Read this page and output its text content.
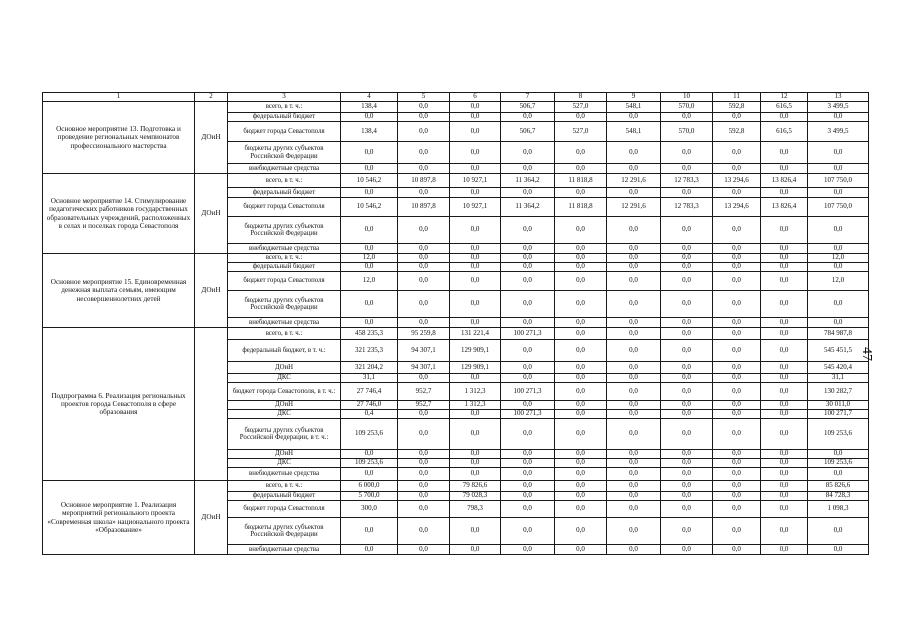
1	2	3	4	5	6	7	8	9	10	11	12	13
Основное мероприятие 13. Подготовка и проведение региональных чемпионатов профессионального мастерства	ДОиН	всего, в т. ч.:	138,4	0,0	0,0	506,7	527,0	548,1	570,0	592,8	616,5	3 499,5
		федеральный бюджет	0,0	0,0	0,0	0,0	0,0	0,0	0,0	0,0	0,0	0,0
		бюджет города Севастополя	138,4	0,0	0,0	506,7	527,0	548,1	570,0	592,8	616,5	3 499,5
		бюджеты других субъектов Российской Федерации	0,0	0,0	0,0	0,0	0,0	0,0	0,0	0,0	0,0	0,0
		внебюджетные средства	0,0	0,0	0,0	0,0	0,0	0,0	0,0	0,0	0,0	0,0
Основное мероприятие 14. Стимулирование педагогических работников государственных образовательных учреждений, расположенных в селах и поселках города Севастополя	ДОиН	всего, в т. ч.:	10 546,2	10 897,8	10 927,1	11 364,2	11 818,8	12 291,6	12 783,3	13 294,6	13 826,4	107 750,0
		федеральный бюджет	0,0	0,0	0,0	0,0	0,0	0,0	0,0	0,0	0,0	0,0
		бюджет города Севастополя	10 546,2	10 897,8	10 927,1	11 364,2	11 818,8	12 291,6	12 783,3	13 294,6	13 826,4	107 750,0
		бюджеты других субъектов Российской Федерации	0,0	0,0	0,0	0,0	0,0	0,0	0,0	0,0	0,0	0,0
		внебюджетные средства	0,0	0,0	0,0	0,0	0,0	0,0	0,0	0,0	0,0	0,0
Основное мероприятие 15. Единовременная денежная выплата семьям, имеющим несовершеннолетних детей	ДОиН	всего, в т. ч.:	12,0	0,0	0,0	0,0	0,0	0,0	0,0	0,0	0,0	12,0
		федеральный бюджет	0,0	0,0	0,0	0,0	0,0	0,0	0,0	0,0	0,0	0,0
		бюджет города Севастополя	12,0	0,0	0,0	0,0	0,0	0,0	0,0	0,0	0,0	12,0
		бюджеты других субъектов Российской Федерации	0,0	0,0	0,0	0,0	0,0	0,0	0,0	0,0	0,0	0,0
		внебюджетные средства	0,0	0,0	0,0	0,0	0,0	0,0	0,0	0,0	0,0	0,0
Подпрограмма 6. Реализация региональных проектов города Севастополя в сфере образования		всего, в т. ч.:	458 235,3	95 259,8	131 221,4	100 271,3	0,0	0,0	0,0	0,0	0,0	784 987,8
		федеральный бюджет, в т. ч.:	321 235,3	94 307,1	129 909,1	0,0	0,0	0,0	0,0	0,0	0,0	545 451,5
		ДОиН	321 204,2	94 307,1	129 909,1	0,0	0,0	0,0	0,0	0,0	0,0	545 420,4
		ДКС	31,1	0,0	0,0	0,0	0,0	0,0	0,0	0,0	0,0	31,1
		бюджет города Севастополя, в т. ч.:	27 746,4	952,7	1 312,3	100 271,3	0,0	0,0	0,0	0,0	0,0	130 282,7
		ДОиН	27 746,0	952,7	1 312,3	0,0	0,0	0,0	0,0	0,0	0,0	30 011,0
		ДКС	0,4	0,0	0,0	100 271,3	0,0	0,0	0,0	0,0	0,0	100 271,7
		бюджеты других субъектов Российской Федерации, в т. ч.:	109 253,6	0,0	0,0	0,0	0,0	0,0	0,0	0,0	0,0	109 253,6
		ДОиН	0,0	0,0	0,0	0,0	0,0	0,0	0,0	0,0	0,0	0,0
		ДКС	109 253,6	0,0	0,0	0,0	0,0	0,0	0,0	0,0	0,0	109 253,6
		внебюджетные средства	0,0	0,0	0,0	0,0	0,0	0,0	0,0	0,0	0,0	0,0
Основное мероприятие 1. Реализация мероприятий регионального проекта «Современная школа» национального проекта «Образование»	ДОиН	всего, в т. ч.:	6 000,0	0,0	79 826,6	0,0	0,0	0,0	0,0	0,0	0,0	85 826,6
		федеральный бюджет	5 700,0	0,0	79 028,3	0,0	0,0	0,0	0,0	0,0	0,0	84 728,3
		бюджет города Севастополя	300,0	0,0	798,3	0,0	0,0	0,0	0,0	0,0	0,0	1 098,3
		бюджеты других субъектов Российской Федерации	0,0	0,0	0,0	0,0	0,0	0,0	0,0	0,0	0,0	0,0
		внебюджетные средства	0,0	0,0	0,0	0,0	0,0	0,0	0,0	0,0	0,0	0,0
47
